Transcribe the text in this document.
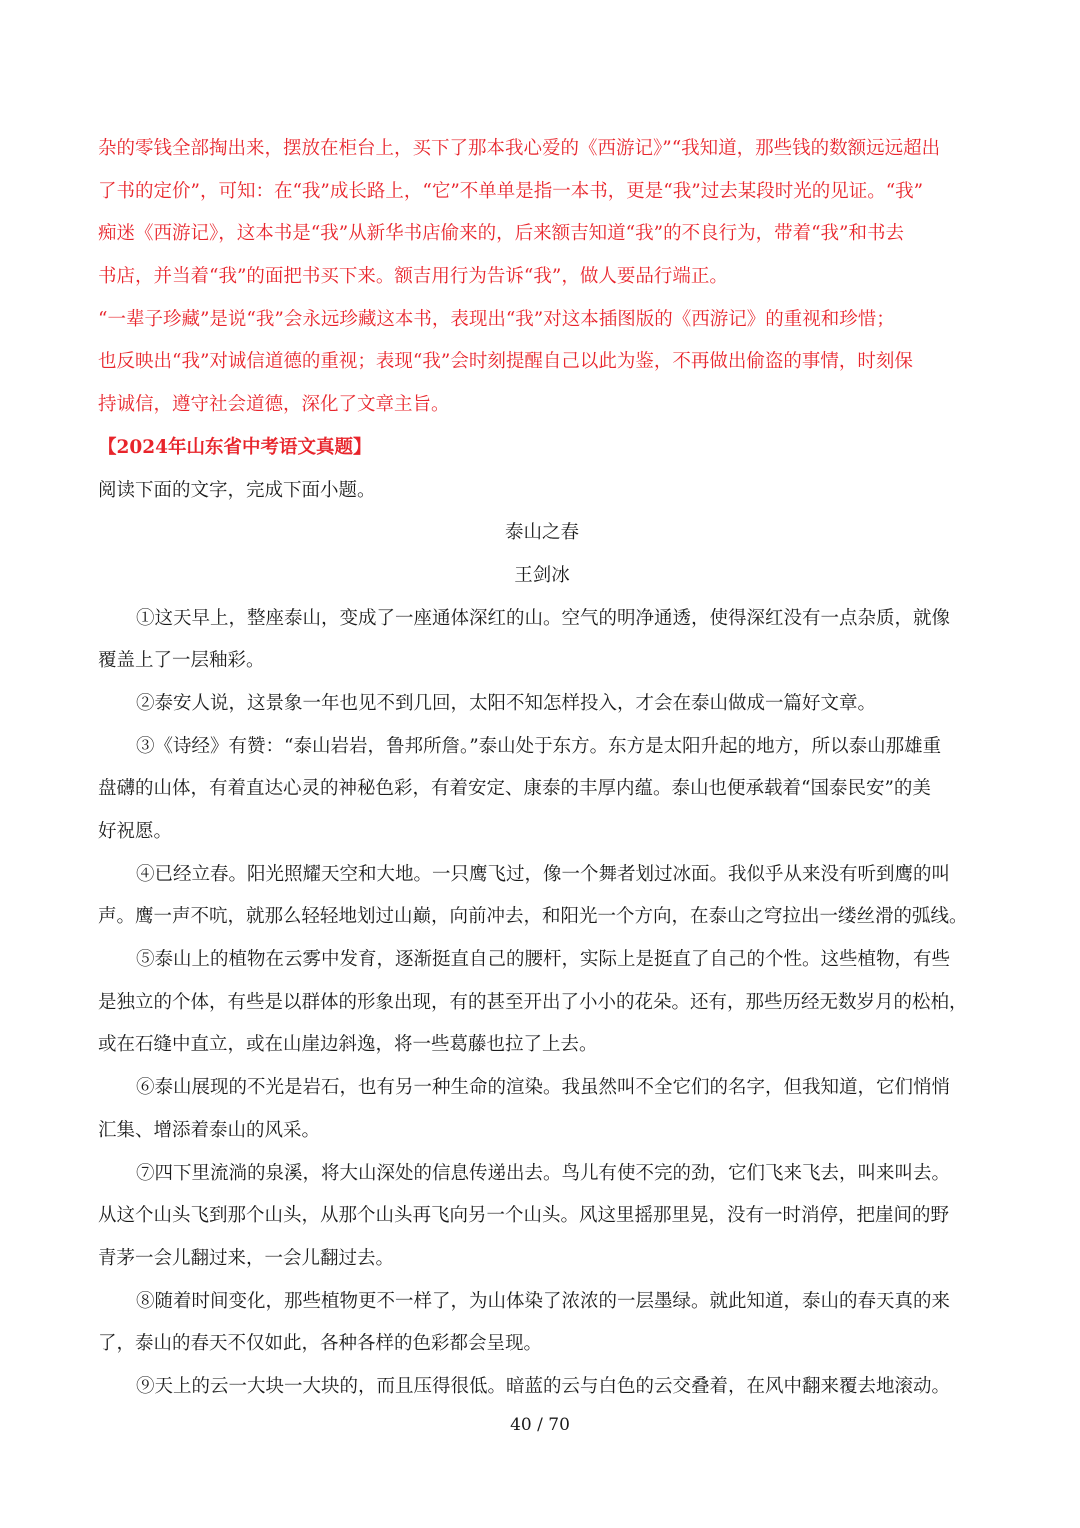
杂的零钱全部掏出来，摆放在柜台上，买下了那本我心爱的《西游记》”“我知道，那些钱的数额远远超出
了书的定价”，可知：在“我”成长路上，“它”不单单是指一本书，更是“我”过去某段时光的见证。“我”
痴迷《西游记》，这本书是“我”从新华书店偷来的，后来额吉知道“我”的不良行为，带着“我”和书去
书店，并当着“我”的面把书买下来。额吉用行为告诉“我”，做人要品行端正。
“一辈子珍藏”是说“我”会永远珍藏这本书，表现出“我”对这本插图版的《西游记》的重视和珍惜；
也反映出“我”对诚信道德的重视；表现“我”会时刻提醒自己以此为鉴，不再做出偷盗的事情，时刻保
持诚信，遵守社会道德，深化了文章主旨。
【2024年山东省中考语文真题】
阅读下面的文字，完成下面小题。
泰山之春
王剑冰
①这天早上，整座泰山，变成了一座通体深红的山。空气的明净通透，使得深红没有一点杂质，就像
覆盖上了一层釉彩。
②泰安人说，这景象一年也见不到几回，太阳不知怎样投入，才会在泰山做成一篇好文章。
③《诗经》有赞：“泰山岩岩，鲁邦所詹。”泰山处于东方。东方是太阳升起的地方，所以泰山那雄重
盘礴的山体，有着直达心灵的神秘色彩，有着安定、康泰的丰厚内蕴。泰山也便承载着“国泰民安”的美
好祝愿。
④已经立春。阳光照耀天空和大地。一只鹰飞过，像一个舞者划过冰面。我似乎从来没有听到鹰的叫
声。鹰一声不吭，就那么轻轻地划过山巅，向前冲去，和阳光一个方向，在泰山之穹拉出一缕丝滑的弧线。
⑤泰山上的植物在云雾中发育，逐渐挺直自己的腰杆，实际上是挺直了自己的个性。这些植物，有些
是独立的个体，有些是以群体的形象出现，有的甚至开出了小小的花朵。还有，那些历经无数岁月的松柏，
或在石缝中直立，或在山崖边斜逸，将一些葛藤也拉了上去。
⑥泰山展现的不光是岩石，也有另一种生命的渲染。我虽然叫不全它们的名字，但我知道，它们悄悄
汇集、增添着泰山的风采。
⑦四下里流淌的泉溪，将大山深处的信息传递出去。鸟儿有使不完的劲，它们飞来飞去，叫来叫去。
从这个山头飞到那个山头，从那个山头再飞向另一个山头。风这里摇那里晃，没有一时消停，把崖间的野
青茅一会儿翻过来，一会儿翻过去。
⑧随着时间变化，那些植物更不一样了，为山体染了浓浓的一层墨绿。就此知道，泰山的春天真的来
了，泰山的春天不仅如此，各种各样的色彩都会呈现。
⑨天上的云一大块一大块的，而且压得很低。暗蓝的云与白色的云交叠着，在风中翻来覆去地滚动。
40 / 70
